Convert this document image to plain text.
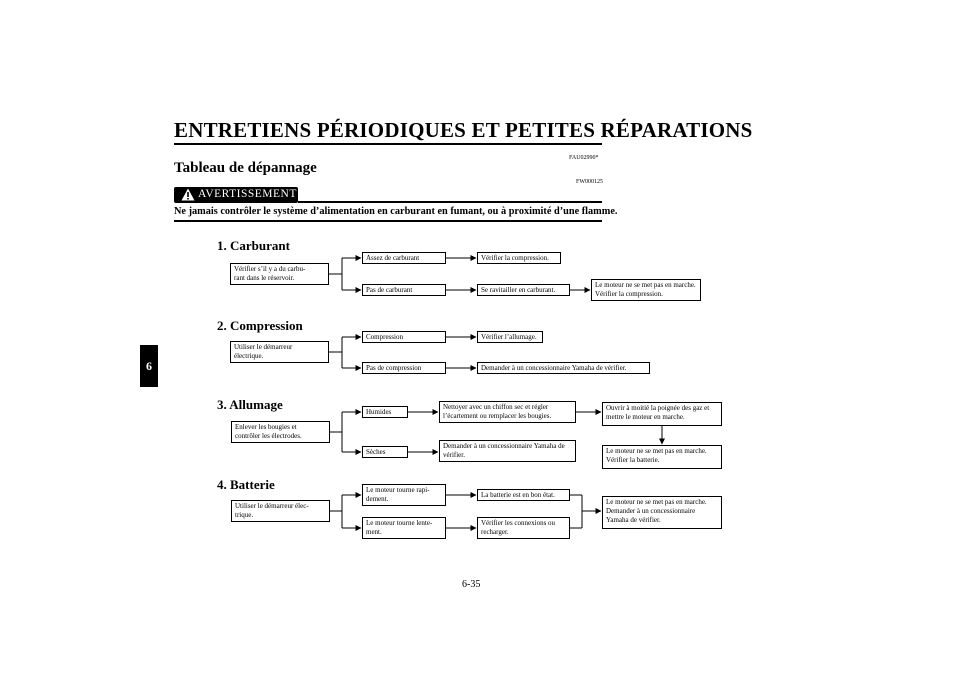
ENTRETIENS PÉRIODIQUES ET PETITES RÉPARATIONS
FAU02990*
Tableau de dépannage
FW000125
AVERTISSEMENT
Ne jamais contrôler le système d’alimentation en carburant en fumant, ou à proximité d’une flamme.
6
1. Carburant
Vérifier s’il y a du carbu-
rant dans le réservoir.
Assez de carburant
Pas de carburant
Vérifier la compression.
Se ravitailler en carburant.
Le moteur ne se met pas en marche.
Vérifier la compression.
2. Compression
Utiliser le démarreur
électrique.
Compression
Pas de compression
Vérifier l’allumage.
Demander à un concessionnaire Yamaha de vérifier.
3. Allumage
Enlever les bougies et
contrôler les électrodes.
Humides
Sèches
Nettoyer avec un chiffon sec et régler
l’écartement ou remplacer les bougies.
Demander à un concessionnaire Yamaha de
vérifier.
Ouvrir à moitié la poignée des gaz et
mettre le moteur en marche.
Le moteur ne se met pas en marche.
Vérifier la batterie.
4. Batterie
Utiliser le démarreur élec-
trique.
Le moteur tourne rapi-
dement.
Le moteur tourne lente-
ment.
La batterie est en bon état.
Vérifier les connexions ou
recharger.
Le moteur ne se met pas en marche.
Demander à un concessionnaire
Yamaha de vérifier.
6-35
